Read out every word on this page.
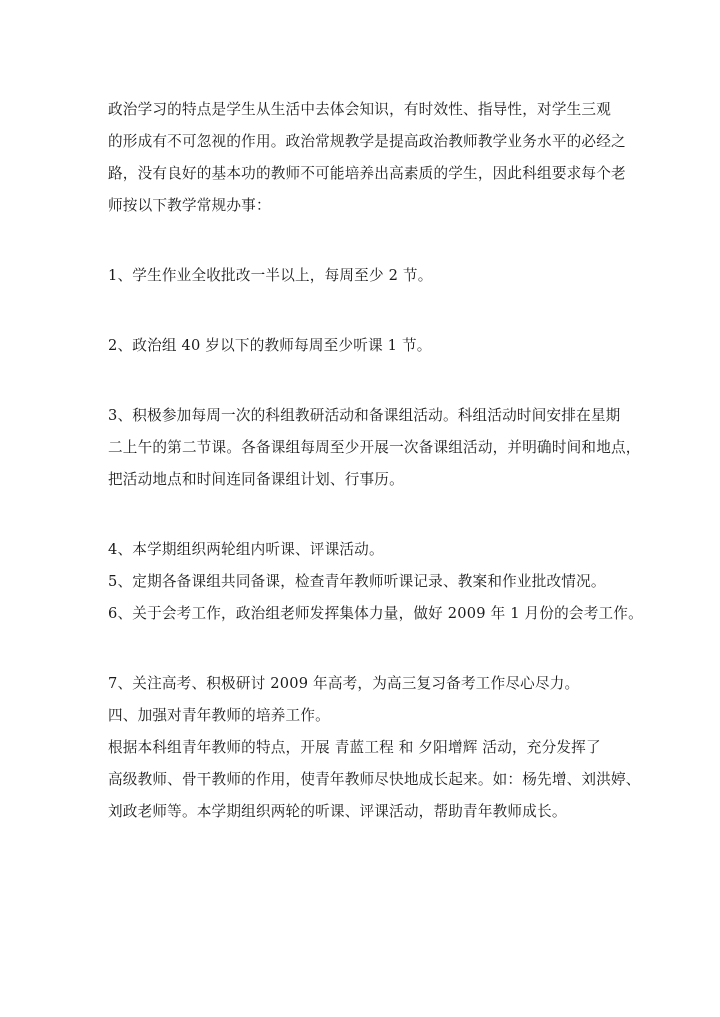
政治学习的特点是学生从生活中去体会知识，有时效性、指导性，对学生三观
的形成有不可忽视的作用。政治常规教学是提高政治教师教学业务水平的必经之
路，没有良好的基本功的教师不可能培养出高素质的学生，因此科组要求每个老
师按以下教学常规办事：

1、学生作业全收批改一半以上，每周至少 2 节。

2、政治组 40 岁以下的教师每周至少听课 1 节。

3、积极参加每周一次的科组教研活动和备课组活动。科组活动时间安排在星期
二上午的第二节课。各备课组每周至少开展一次备课组活动，并明确时间和地点，
把活动地点和时间连同备课组计划、行事历。

4、本学期组织两轮组内听课、评课活动。

5、定期各备课组共同备课，检查青年教师听课记录、教案和作业批改情况。

6、关于会考工作，政治组老师发挥集体力量，做好 2009 年 1 月份的会考工作。

7、关注高考、积极研讨 2009 年高考，为高三复习备考工作尽心尽力。

四、加强对青年教师的培养工作。

根据本科组青年教师的特点，开展 青蓝工程 和 夕阳增辉 活动，充分发挥了
高级教师、骨干教师的作用，使青年教师尽快地成长起来。如：杨先增、刘洪婷、
刘政老师等。本学期组织两轮的听课、评课活动，帮助青年教师成长。
